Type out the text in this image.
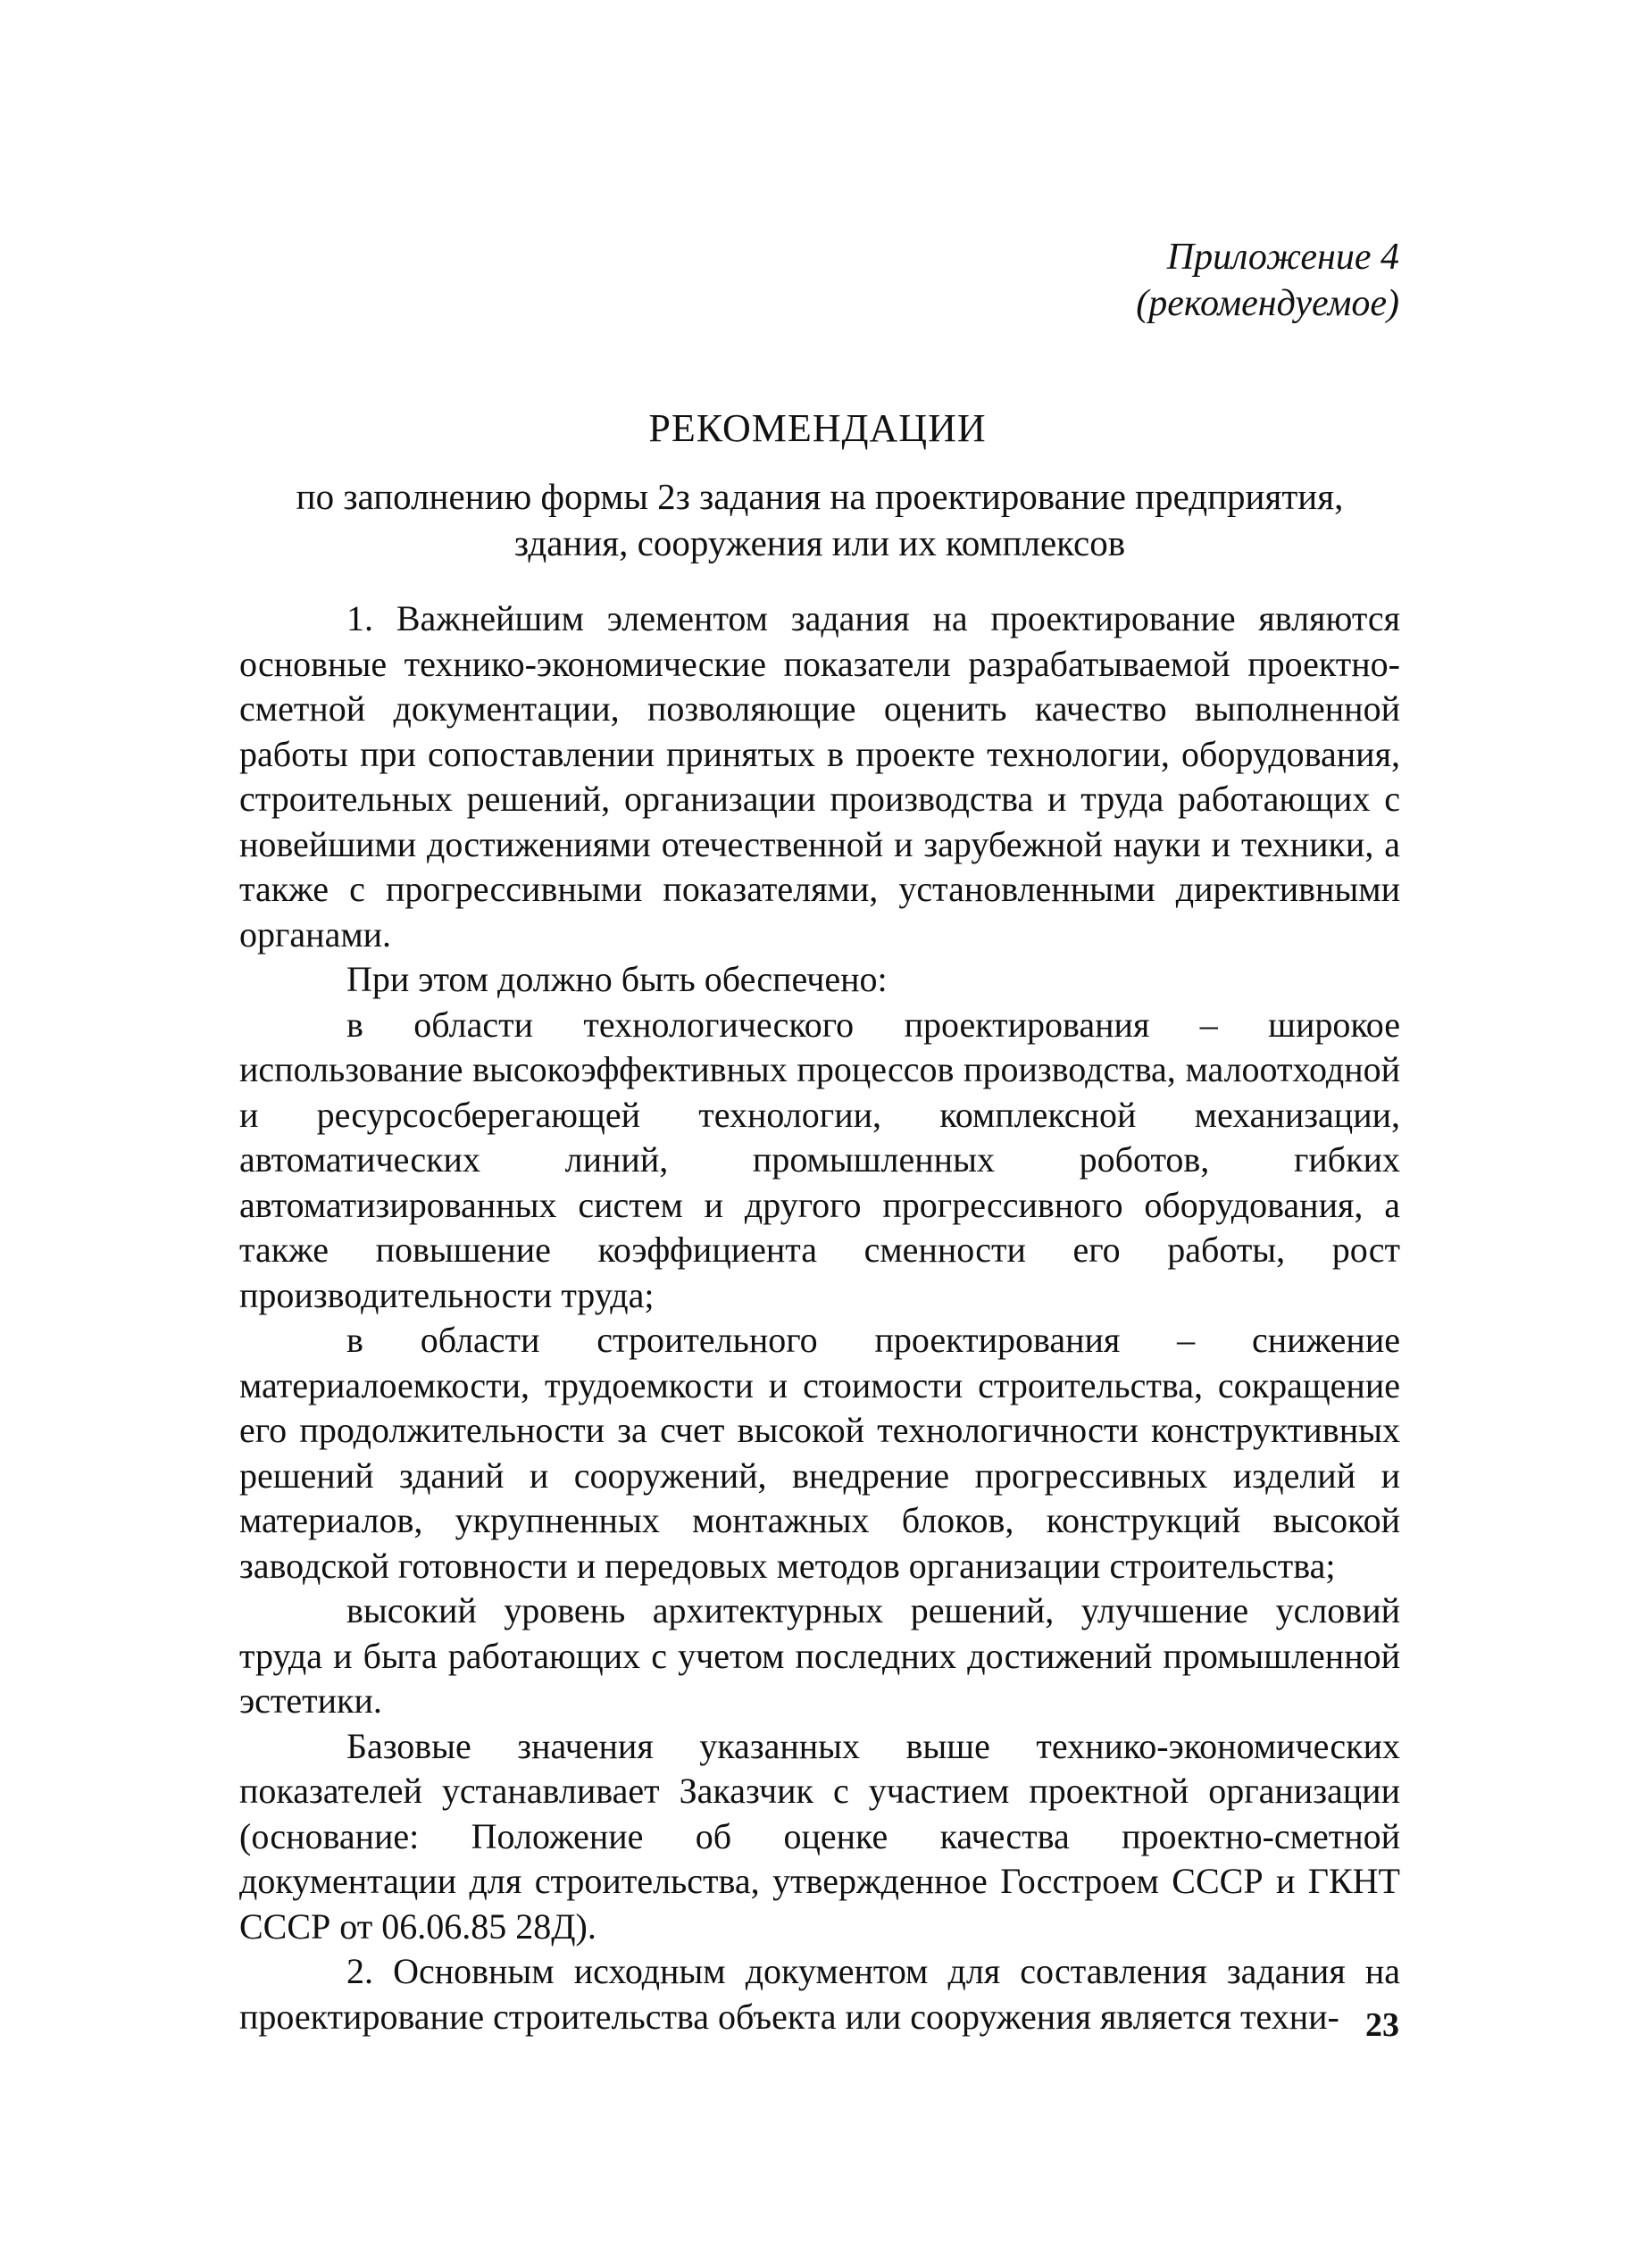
Приложение 4
(рекомендуемое)
РЕКОМЕНДАЦИИ
по заполнению формы 2з задания на проектирование предприятия, здания, сооружения или их комплексов

1. Важнейшим элементом задания на проектирование являются основные технико-экономические показатели разрабатываемой проектно-сметной документации, позволяющие оценить качество выполненной работы при сопоставлении принятых в проекте технологии, оборудования, строительных решений, организации производства и труда работающих с новейшими достижениями отечественной и зарубежной науки и техники, а также с прогрессивными показателями, установленными директивными органами.

При этом должно быть обеспечено:

в области технологического проектирования – широкое использование высокоэффективных процессов производства, малоотходной и ресурсосберегающей технологии, комплексной механизации, автоматических линий, промышленных роботов, гибких автоматизированных систем и другого прогрессивного оборудования, а также повышение коэффициента сменности его работы, рост производительности труда;

в области строительного проектирования – снижение материалоемкости, трудоемкости и стоимости строительства, сокращение его продолжительности за счет высокой технологичности конструктивных решений зданий и сооружений, внедрение прогрессивных изделий и материалов, укрупненных монтажных блоков, конструкций высокой заводской готовности и передовых методов организации строительства;

высокий уровень архитектурных решений, улучшение условий труда и быта работающих с учетом последних достижений промышленной эстетики.

Базовые значения указанных выше технико-экономических показателей устанавливает Заказчик с участием проектной организации (основание: Положение об оценке качества проектно-сметной документации для строительства, утвержденное Госстроем СССР и ГКНТ СССР от 06.06.85 28Д).

2. Основным исходным документом для составления задания на проектирование строительства объекта или сооружения является техни- 23
